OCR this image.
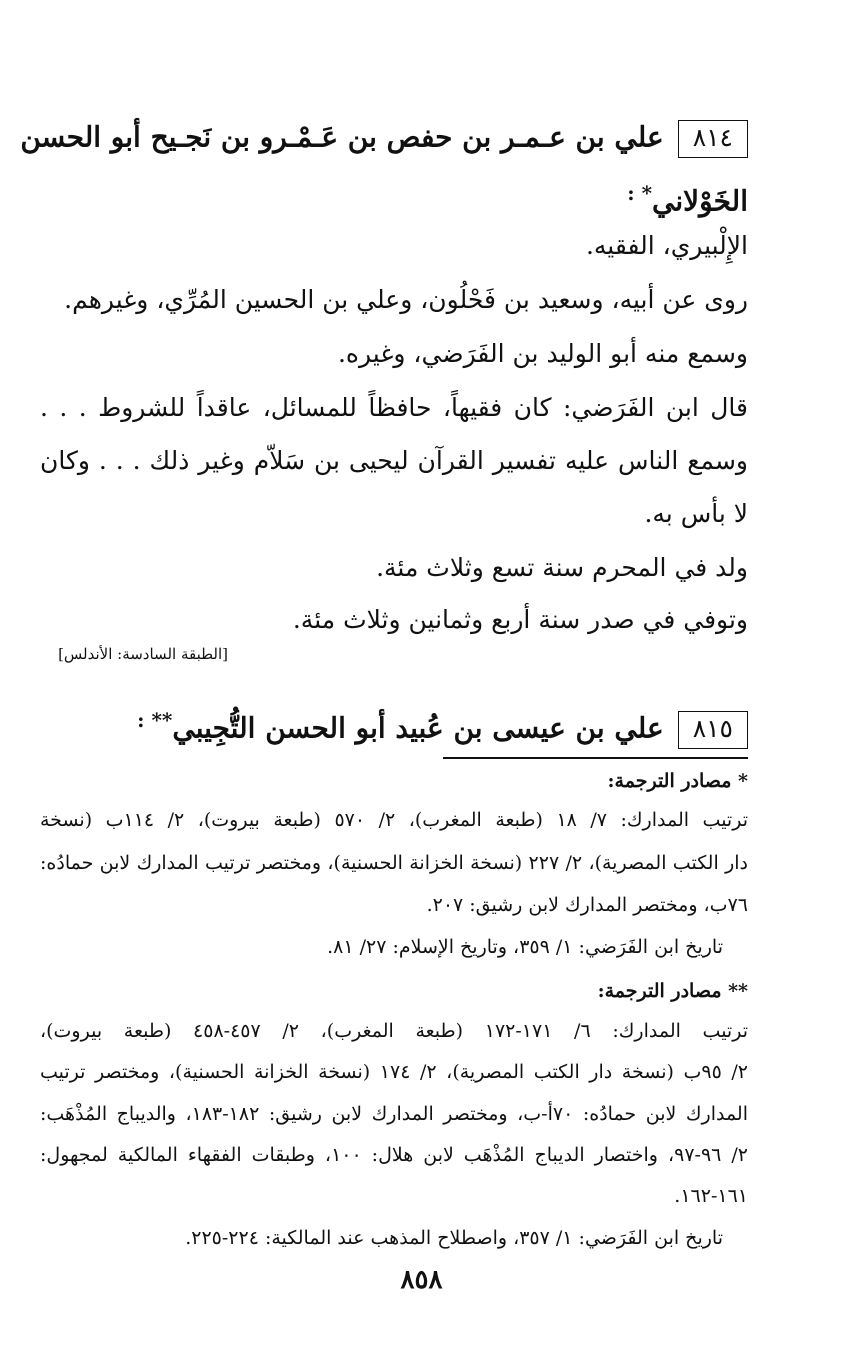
٨١٤علي بن عـمـر بن حفص بن عَـمْـرو بن نَجـيح أبو الحسن
الخَوْلاني* :
الإِلْبيري، الفقيه.
روى عن أبيه، وسعيد بن فَحْلُون، وعلي بن الحسين المُرِّي، وغيرهم.
وسمع منه أبو الوليد بن الفَرَضي، وغيره.
قال ابن الفَرَضي: كان فقيهاً، حافظاً للمسائل، عاقداً للشروط . . .
وسمع الناس عليه تفسير القرآن ليحيى بن سَلاّم وغير ذلك . . . وكان
لا بأس به.
ولد في المحرم سنة تسع وثلاث مئة.
وتوفي في صدر سنة أربع وثمانين وثلاث مئة.
[الطبقة السادسة: الأندلس]
٨١٥علي بن عيسى بن عُبيد أبو الحسن التُّجِيبي** :
* مصادر الترجمة:
ترتيب المدارك: ٧/ ١٨ (طبعة المغرب)، ٢/ ٥٧٠ (طبعة بيروت)، ٢/ ١١٤ب (نسخة
دار الكتب المصرية)، ٢/ ٢٢٧ (نسخة الخزانة الحسنية)، ومختصر ترتيب المدارك لابن حمادُه:
٧٦ب، ومختصر المدارك لابن رشيق: ٢٠٧.
تاريخ ابن الفَرَضي: ١/ ٣٥٩، وتاريخ الإسلام: ٢٧/ ٨١.
** مصادر الترجمة:
ترتيب المدارك: ٦/ ١٧١-١٧٢ (طبعة المغرب)، ٢/ ٤٥٧-٤٥٨ (طبعة بيروت)،
٢/ ٩٥ب (نسخة دار الكتب المصرية)، ٢/ ١٧٤ (نسخة الخزانة الحسنية)، ومختصر ترتيب
المدارك لابن حمادُه: ٧٠أ-ب، ومختصر المدارك لابن رشيق: ١٨٢-١٨٣، والديباج المُذْهَب:
٢/ ٩٦-٩٧، واختصار الديباج المُذْهَب لابن هلال: ١٠٠، وطبقات الفقهاء المالكية لمجهول:
١٦١-١٦٢.
تاريخ ابن الفَرَضي: ١/ ٣٥٧، واصطلاح المذهب عند المالكية: ٢٢٤-٢٢٥.
٨٥٨
